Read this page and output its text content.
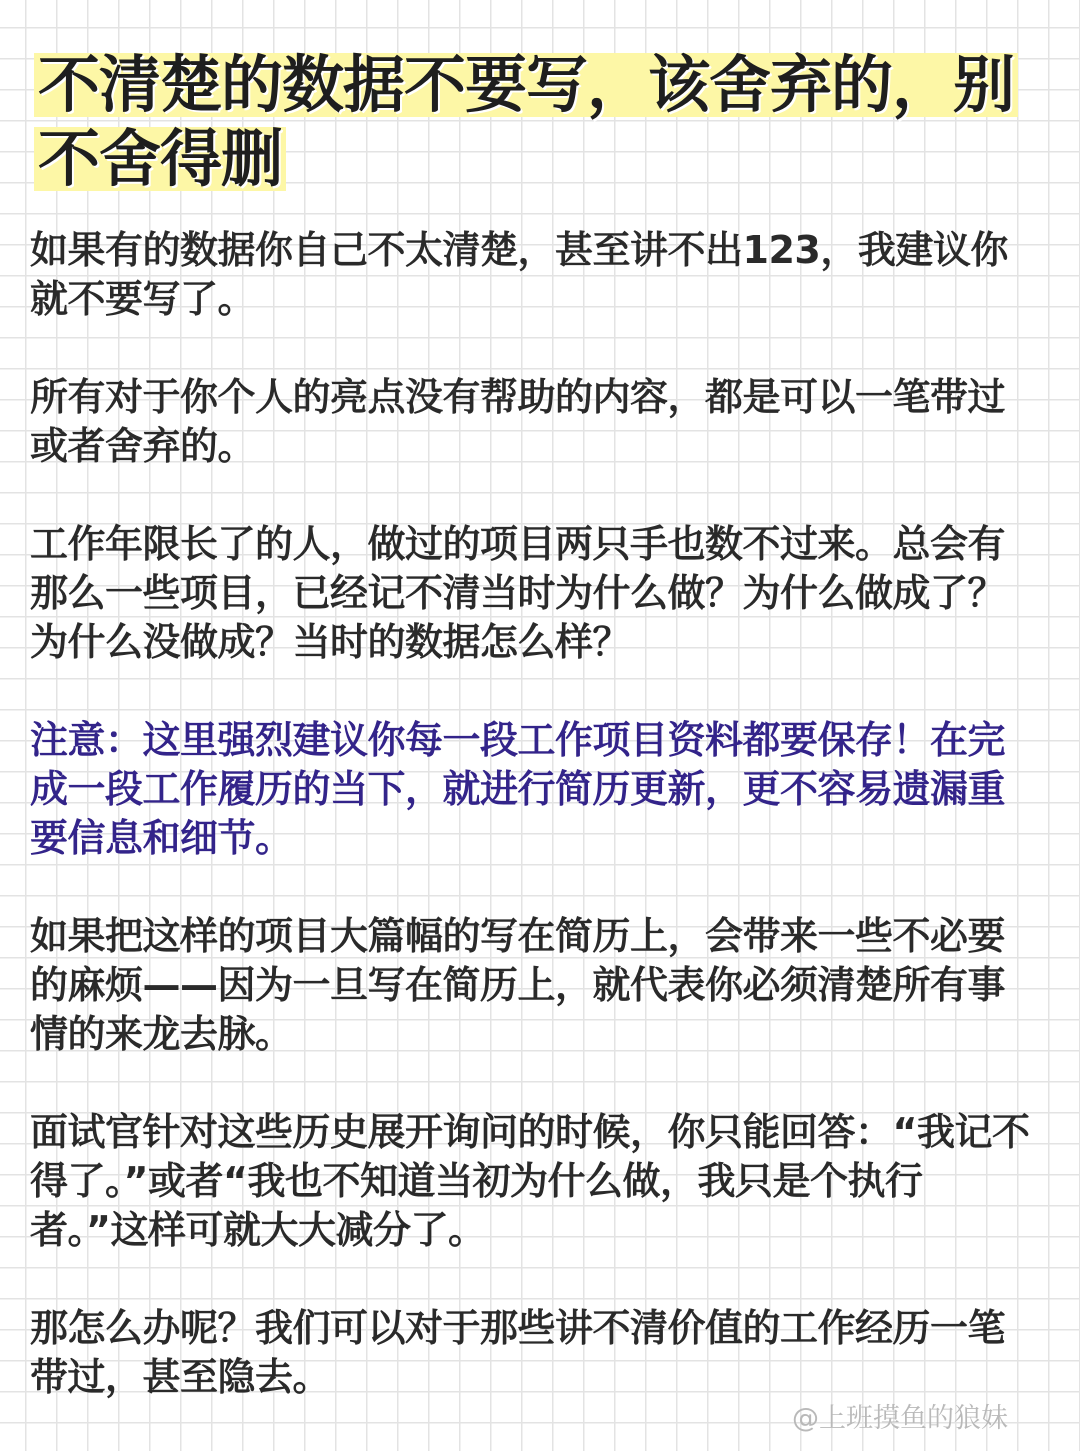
不清楚的数据不要写，该舍弃的，别不舍得删

如果有的数据你自己不太清楚，甚至讲不出123，我建议你就不要写了。

所有对于你个人的亮点没有帮助的内容，都是可以一笔带过或者舍弃的。

工作年限长了的人，做过的项目两只手也数不过来。总会有那么一些项目，已经记不清当时为什么做？为什么做成了？为什么没做成？当时的数据怎么样？

注意：这里强烈建议你每一段工作项目资料都要保存！在完成一段工作履历的当下，就进行简历更新，更不容易遗漏重要信息和细节。

如果把这样的项目大篇幅的写在简历上，会带来一些不必要的麻烦——因为一旦写在简历上，就代表你必须清楚所有事情的来龙去脉。

面试官针对这些历史展开询问的时候，你只能回答：“我记不得了。”或者“我也不知道当初为什么做，我只是个执行者。”这样可就大大减分了。

那怎么办呢？我们可以对于那些讲不清价值的工作经历一笔带过，甚至隐去。

@上班摸鱼的狼妹
